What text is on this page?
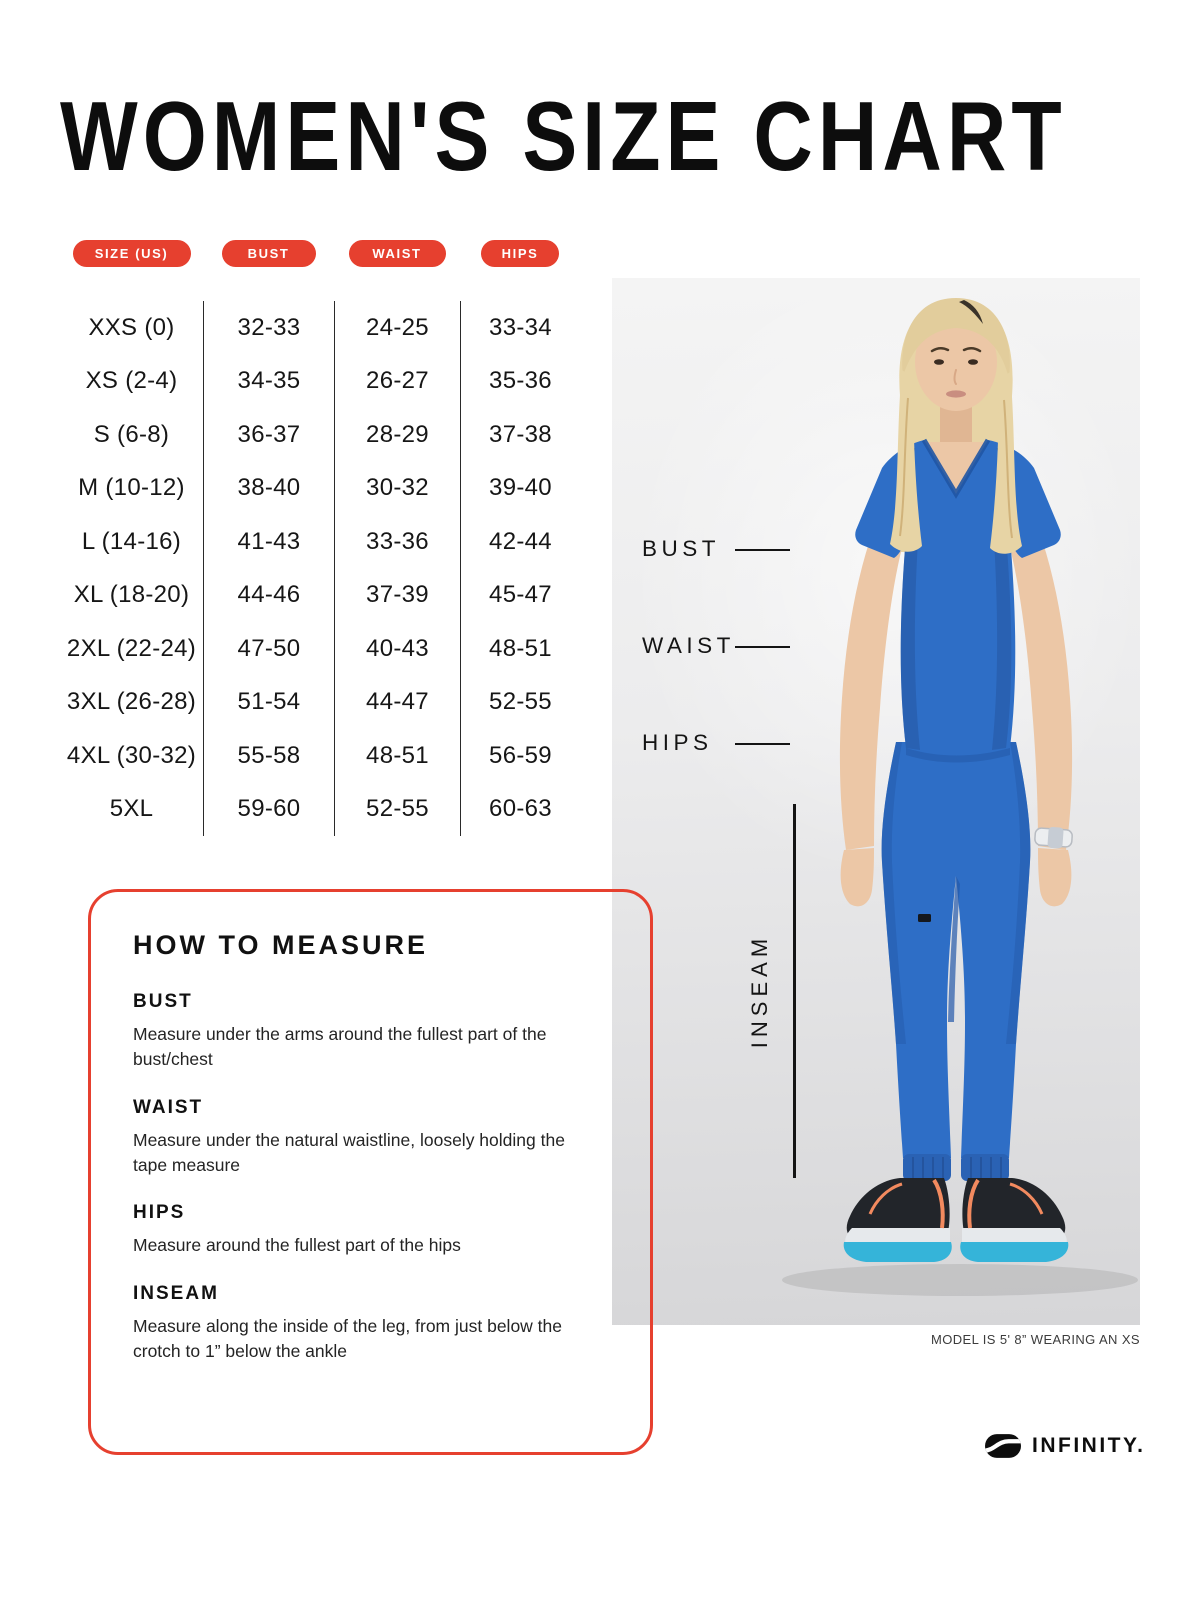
WOMEN'S SIZE CHART
SIZE (US)	BUST	WAIST	HIPS
XXS (0)	32-33	24-25	33-34
XS (2-4)	34-35	26-27	35-36
S (6-8)	36-37	28-29	37-38
M (10-12)	38-40	30-32	39-40
L (14-16)	41-43	33-36	42-44
XL (18-20)	44-46	37-39	45-47
2XL (22-24)	47-50	40-43	48-51
3XL (26-28)	51-54	44-47	52-55
4XL (30-32)	55-58	48-51	56-59
5XL	59-60	52-55	60-63
BUST
WAIST
HIPS
INSEAM
MODEL IS 5' 8” WEARING AN XS
HOW TO MEASURE
BUST

Measure under the arms around the fullest part of the bust/chest

WAIST

Measure under the natural waistline, loosely holding the tape measure

HIPS

Measure around the fullest part of the hips

INSEAM

Measure along the inside of the leg, from just below the crotch to 1” below the ankle

INFINITY.
